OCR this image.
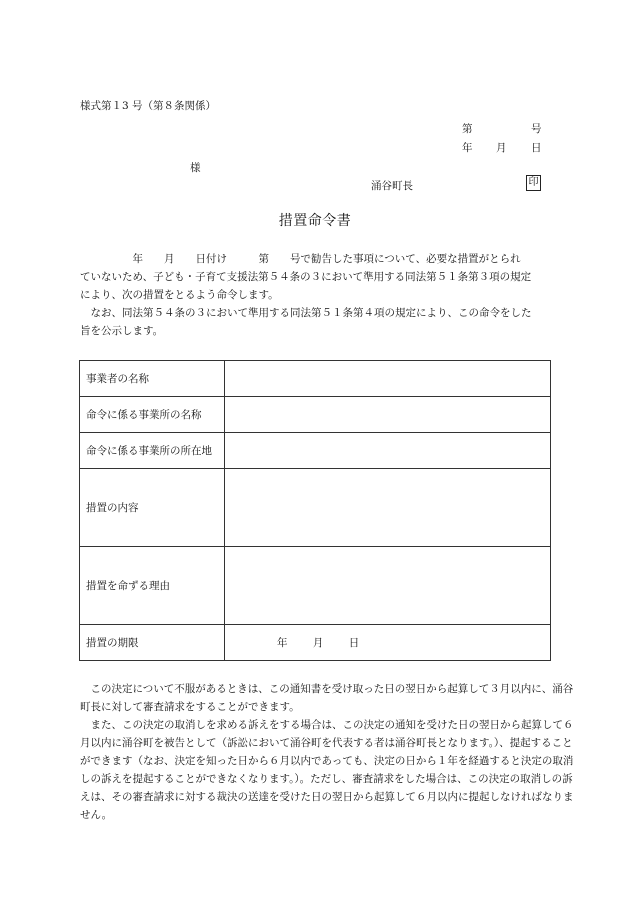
様式第１3 号（第８条関係）
第	号
年 月 日
様
涌谷町長	印
措置命令書
　　　　　年　　月　　日付け　　　第　　号で勧告した事項について、必要な措置がとられ
ていないため、子ども・子育て支援法第５４条の３において準用する同法第５１条第３項の規定
により、次の措置をとるよう命令します。
　なお、同法第５４条の３において準用する同法第５１条第４項の規定により、この命令をした
旨を公示します。
事業者の名称	
命令に係る事業所の名称	
命令に係る事業所の所在地	
措置の内容	
措置を命ずる理由	
措置の期限	年 月 日
　この決定について不服があるときは、この通知書を受け取った日の翌日から起算して３月以内に、涌谷
町長に対して審査請求をすることができます。
　また、この決定の取消しを求める訴えをする場合は、この決定の通知を受けた日の翌日から起算して６
月以内に涌谷町を被告として（訴訟において涌谷町を代表する者は涌谷町長となります。）、提起すること
ができます（なお、決定を知った日から６月以内であっても、決定の日から１年を経過すると決定の取消
しの訴えを提起することができなくなります。）。ただし、審査請求をした場合は、この決定の取消しの訴
えは、その審査請求に対する裁決の送達を受けた日の翌日から起算して６月以内に提起しなければなりま
せん。
